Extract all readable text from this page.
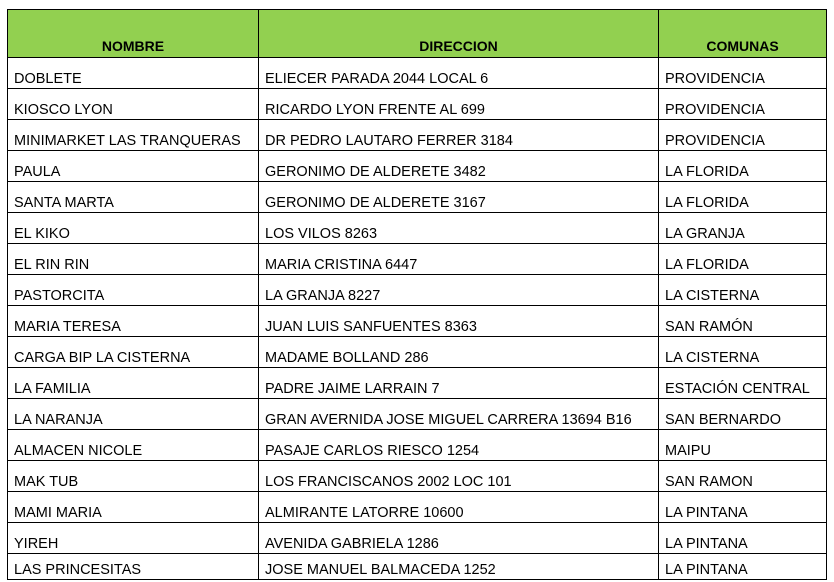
NOMBRE	DIRECCION	COMUNAS
DOBLETE	ELIECER PARADA 2044 LOCAL 6	PROVIDENCIA
KIOSCO LYON	RICARDO LYON FRENTE AL 699	PROVIDENCIA
MINIMARKET LAS TRANQUERAS	DR PEDRO LAUTARO FERRER 3184	PROVIDENCIA
PAULA	GERONIMO DE ALDERETE 3482	LA FLORIDA
SANTA MARTA	GERONIMO DE ALDERETE 3167	LA FLORIDA
EL KIKO	LOS VILOS 8263	LA GRANJA
EL RIN RIN	MARIA CRISTINA 6447	LA FLORIDA
PASTORCITA	LA GRANJA 8227	LA CISTERNA
MARIA TERESA	JUAN LUIS SANFUENTES 8363	SAN RAMÓN
CARGA BIP LA CISTERNA	MADAME BOLLAND 286	LA CISTERNA
LA FAMILIA	PADRE JAIME LARRAIN 7	ESTACIÓN CENTRAL
LA NARANJA	GRAN AVERNIDA JOSE MIGUEL CARRERA 13694 B16	SAN BERNARDO
ALMACEN NICOLE	PASAJE CARLOS RIESCO 1254	MAIPU
MAK TUB	LOS FRANCISCANOS 2002 LOC 101	SAN RAMON
MAMI MARIA	ALMIRANTE LATORRE 10600	LA PINTANA
YIREH	AVENIDA GABRIELA 1286	LA PINTANA
LAS PRINCESITAS	JOSE MANUEL BALMACEDA 1252	LA PINTANA
